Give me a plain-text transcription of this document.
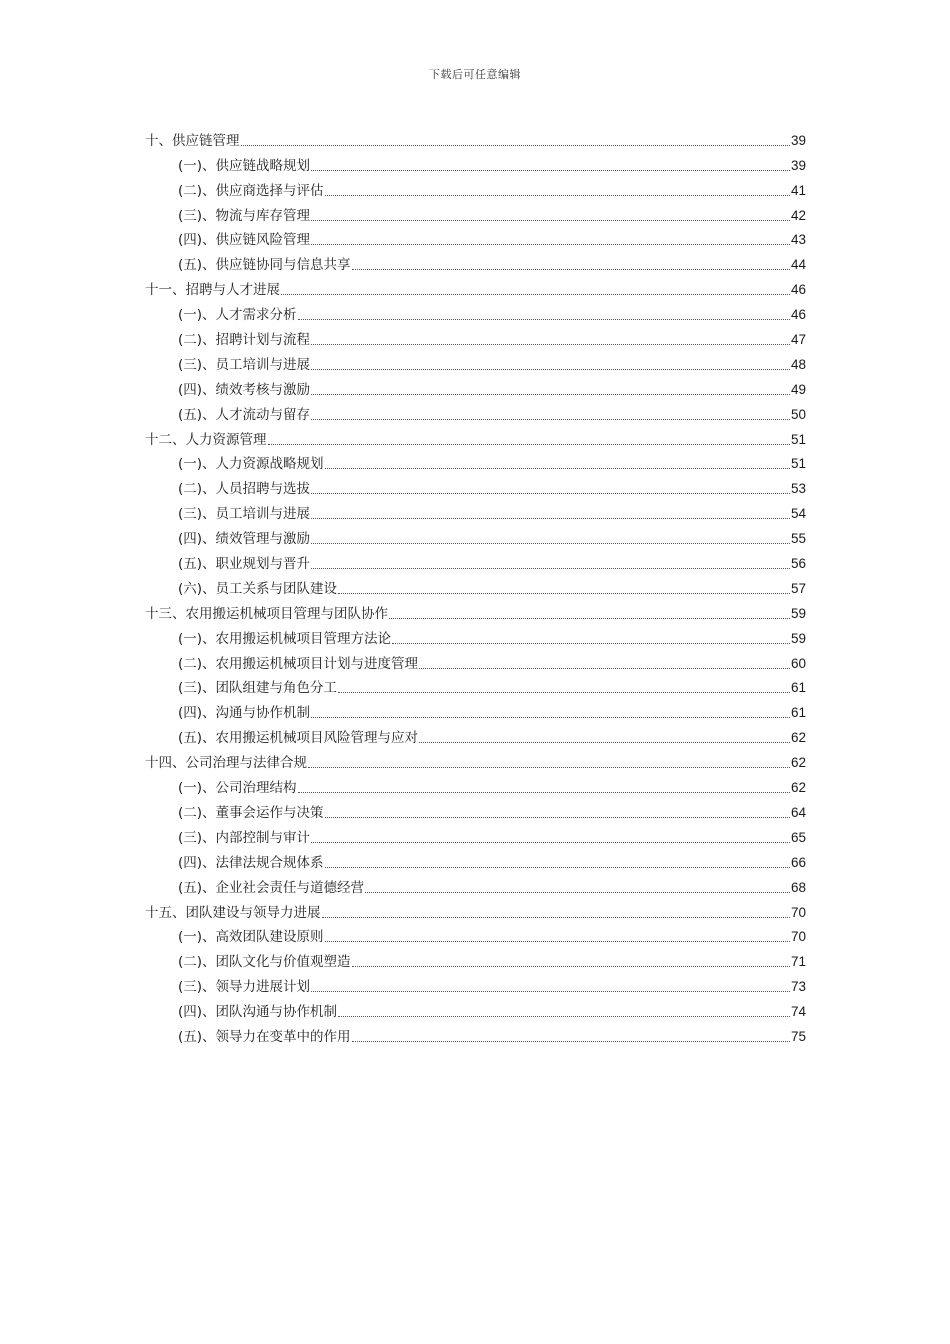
下载后可任意编辑
十、供应链管理	39
(一)、供应链战略规划	39
(二)、供应商选择与评估	41
(三)、物流与库存管理	42
(四)、供应链风险管理	43
(五)、供应链协同与信息共享	44
十一、招聘与人才进展	46
(一)、人才需求分析	46
(二)、招聘计划与流程	47
(三)、员工培训与进展	48
(四)、绩效考核与激励	49
(五)、人才流动与留存	50
十二、人力资源管理	51
(一)、人力资源战略规划	51
(二)、人员招聘与选拔	53
(三)、员工培训与进展	54
(四)、绩效管理与激励	55
(五)、职业规划与晋升	56
(六)、员工关系与团队建设	57
十三、农用搬运机械项目管理与团队协作	59
(一)、农用搬运机械项目管理方法论	59
(二)、农用搬运机械项目计划与进度管理	60
(三)、团队组建与角色分工	61
(四)、沟通与协作机制	61
(五)、农用搬运机械项目风险管理与应对	62
十四、公司治理与法律合规	62
(一)、公司治理结构	62
(二)、董事会运作与决策	64
(三)、内部控制与审计	65
(四)、法律法规合规体系	66
(五)、企业社会责任与道德经营	68
十五、团队建设与领导力进展	70
(一)、高效团队建设原则	70
(二)、团队文化与价值观塑造	71
(三)、领导力进展计划	73
(四)、团队沟通与协作机制	74
(五)、领导力在变革中的作用	75
